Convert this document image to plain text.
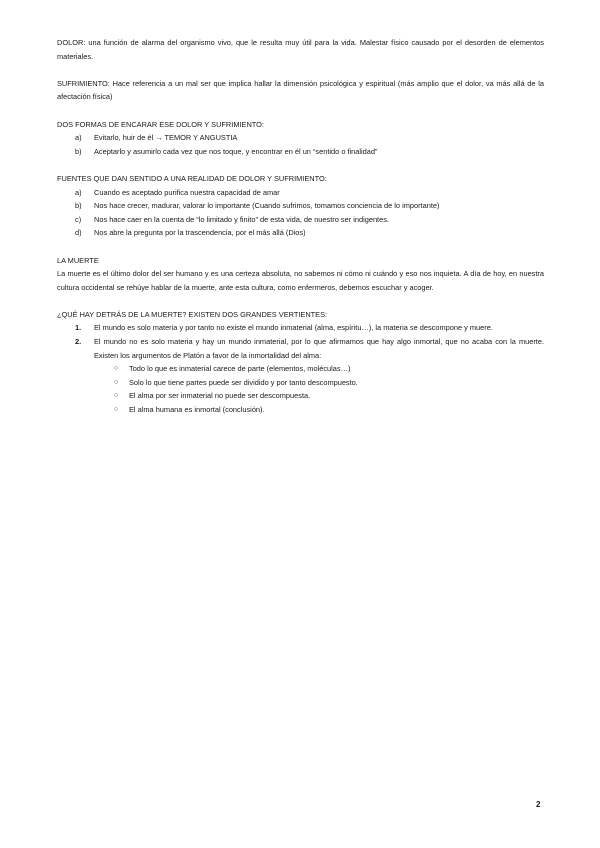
DOLOR: una función de alarma del organismo vivo, que le resulta muy útil para la vida. Malestar físico causado por el desorden de elementos materiales.

SUFRIMIENTO: Hace referencia a un mal ser que implica hallar la dimensión psicológica y espiritual (más amplio que el dolor, va más allá de la afectación física)

DOS FORMAS DE ENCARAR ESE DOLOR Y SUFRIMIENTO:

a) Evitarlo, huir de él → TEMOR Y ANGUSTIA
b) Aceptarlo y asumirlo cada vez que nos toque, y encontrar en él un “sentido o finalidad”

FUENTES QUE DAN SENTIDO A UNA REALIDAD DE DOLOR Y SUFRIMIENTO:

a) Cuando es aceptado purifica nuestra capacidad de amar
b) Nos hace crecer, madurar, valorar lo importante (Cuando sufrimos, tomamos conciencia de lo importante)
c) Nos hace caer en la cuenta de “lo limitado y finito” de esta vida, de nuestro ser indigentes.
d) Nos abre la pregunta por la trascendencia, por el más allá (Dios)

LA MUERTE

La muerte es el último dolor del ser humano y es una certeza absoluta, no sabemos ni cómo ni cuándo y eso nos inquieta. A día de hoy, en nuestra cultura occidental se rehúye hablar de la muerte, ante esta cultura, como enfermeros, debemos escuchar y acoger.

¿QUÉ HAY DETRÁS DE LA MUERTE? EXISTEN DOS GRANDES VERTIENTES:

1. El mundo es solo materia y por tanto no existe el mundo inmaterial (alma, espíritu…), la materia se descompone y muere.
2. El mundo no es solo materia y hay un mundo inmaterial, por lo que afirmamos que hay algo inmortal, que no acaba con la muerte. Existen los argumentos de Platón a favor de la inmortalidad del alma:
○ Todo lo que es inmaterial carece de parte (elementos, moléculas…)
○ Solo lo que tiene partes puede ser dividido y por tanto descompuesto.
○ El alma por ser inmaterial no puede ser descompuesta.
○ El alma humana es inmortal (conclusión).
2
